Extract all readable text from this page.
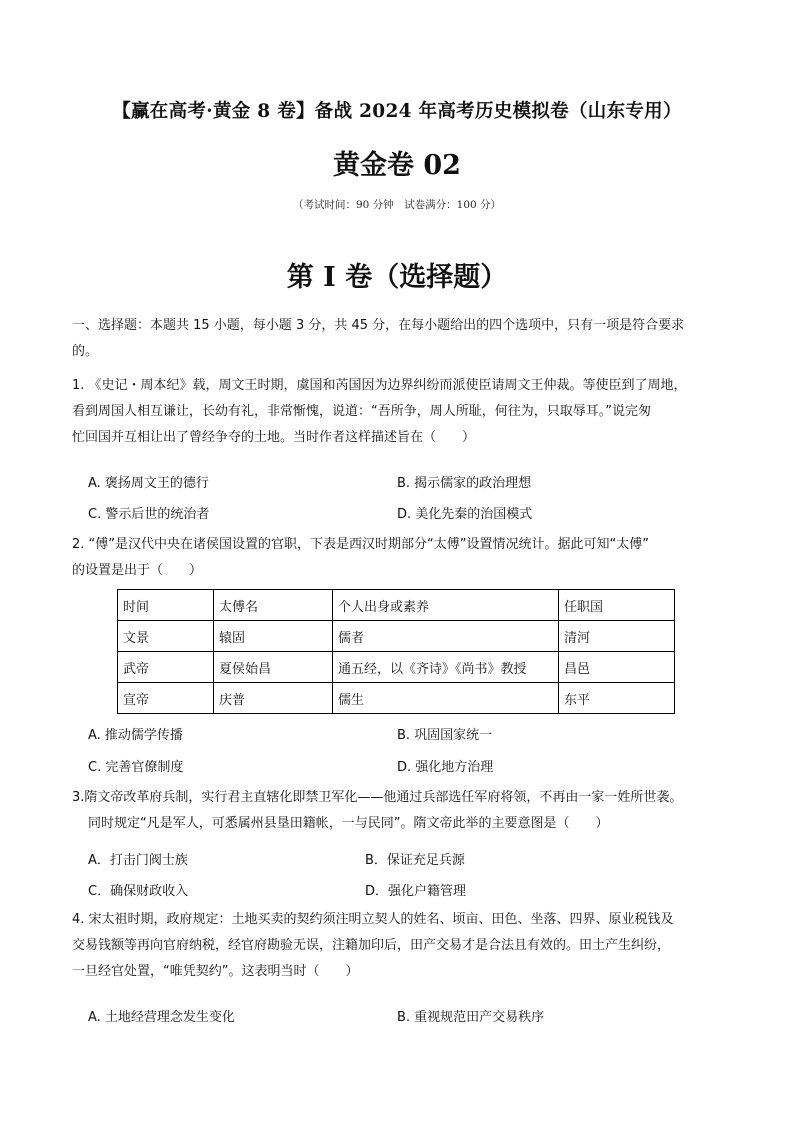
【赢在高考·黄金 8 卷】备战 2024 年高考历史模拟卷（山东专用）
黄金卷 02
（考试时间：90 分钟　试卷满分：100 分）
第 I 卷（选择题）
一、选择题：本题共 15 小题，每小题 3 分，共 45 分，在每小题给出的四个选项中，只有一项是符合要求
的。
1. 《史记・周本纪》载，周文王时期，虞国和芮国因为边界纠纷而派使臣请周文王仲裁。等使臣到了周地，
看到周国人相互谦让，长幼有礼，非常惭愧，说道：“吾所争，周人所耻，何往为，只取辱耳。”说完匆
忙回国并互相让出了曾经争夺的土地。当时作者这样描述旨在（　　）
A. 褒扬周文王的德行	B. 揭示儒家的政治理想
C. 警示后世的统治者	D. 美化先秦的治国模式
2. “傅”是汉代中央在诸侯国设置的官职，下表是西汉时期部分“太傅”设置情况统计。据此可知“太傅”
的设置是出于（　　）
时间	太傅名	个人出身或素养	任职国
文景	辕固	儒者	清河
武帝	夏侯始昌	通五经，以《齐诗》《尚书》教授	昌邑
宣帝	庆普	儒生	东平
A. 推动儒学传播	B. 巩固国家统一
C. 完善官僚制度	D. 强化地方治理
3.隋文帝改革府兵制，实行君主直辖化即禁卫军化——他通过兵部选任军府将领，不再由一家一姓所世袭。
同时规定“凡是军人，可悉属州县垦田籍帐，一与民同”。隋文帝此举的主要意图是（　　）
A．打击门阀士族	B．保证充足兵源
C．确保财政收入	D．强化户籍管理
4. 宋太祖时期，政府规定：土地买卖的契约须注明立契人的姓名、顷亩、田色、坐落、四界、原业税钱及
交易钱额等再向官府纳税，经官府勘验无误，注籍加印后，田产交易才是合法且有效的。田土产生纠纷，
一旦经官处置，“唯凭契约”。这表明当时（　　）
A. 土地经营理念发生变化	B. 重视规范田产交易秩序
